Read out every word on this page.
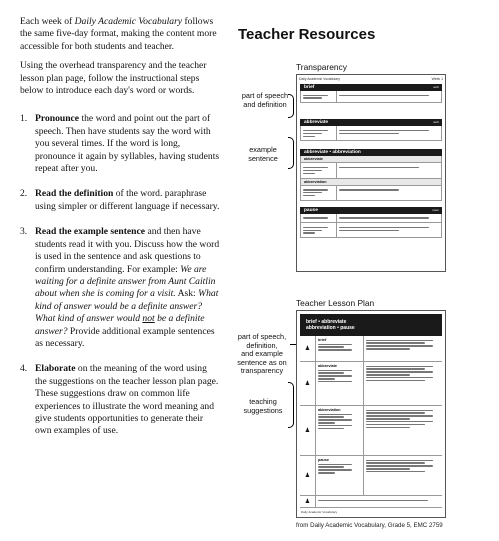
Each week of Daily Academic Vocabulary follows the same five-day format, making the content more accessible for both students and teacher.

Using the overhead transparency and the teacher lesson plan page, follow the instructional steps below to introduce each day's word or words.

1. Pronounce the word and point out the part of speech. Then have students say the word with you several times. If the word is long, pronounce it again by syllables, having students repeat after you.
2. Read the definition of the word. paraphrase using simpler or different language if necessary.
3. Read the example sentence and then have students read it with you. Discuss how the word is used in the sentence and ask questions to confirm understanding. For example: We are waiting for a definite answer from Aunt Caitlin about when she is coming for a visit. Ask: What kind of answer would be a definite answer? What kind of answer would not be a definite answer? Provide additional example sentences as necessary.
4. Elaborate on the meaning of the word using the suggestions on the teacher lesson plan page. These suggestions draw on common life experiences to illustrate the word meaning and give students opportunities to generate their own examples of use.
Teacher Resources
Transparency
Daily Academic Vocabulary	Week 1
brief	verb
abbreviate	verb
abbreviate • abbreviation
abbreviate
abbreviation
pause	noun
part of speech
and definition
example
sentence
Teacher Lesson Plan
brief • abbreviate
abbreviation • pause
♟
brief
♟
abbreviate
♟
abbreviation
♟
pause
♟
Daily Academic Vocabulary
part of speech,
definition,
and example
sentence as on
transparency
teaching
suggestions
from Daily Academic Vocabulary, Grade 5, EMC 2759
